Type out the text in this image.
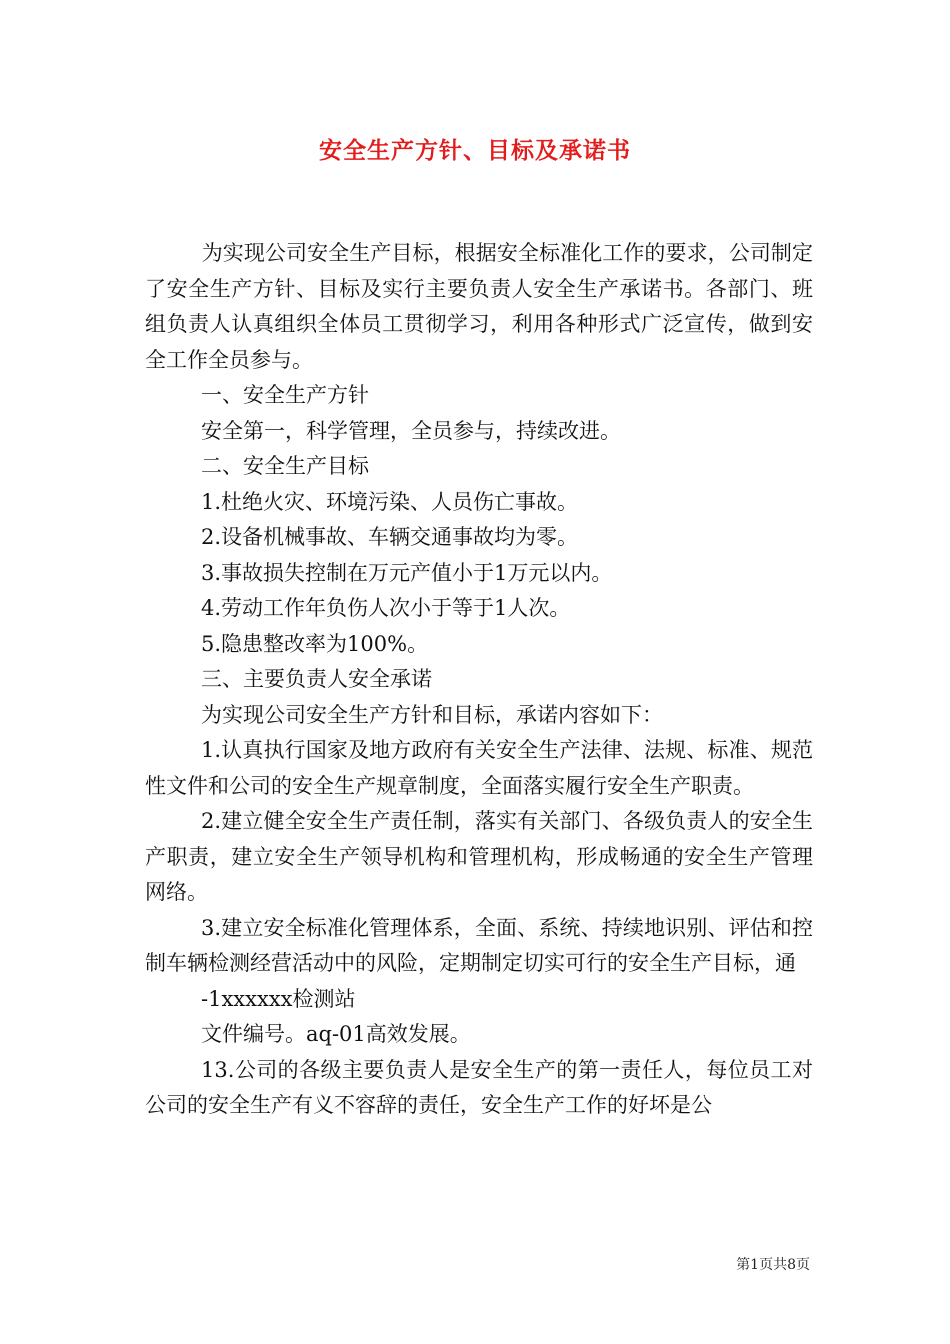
安全生产方针、目标及承诺书

为实现公司安全生产目标，根据安全标准化工作的要求，公司制定了安全生产方针、目标及实行主要负责人安全生产承诺书。各部门、班组负责人认真组织全体员工贯彻学习，利用各种形式广泛宣传，做到安全工作全员参与。

一、安全生产方针

安全第一，科学管理，全员参与，持续改进。

二、安全生产目标

1.杜绝火灾、环境污染、人员伤亡事故。

2.设备机械事故、车辆交通事故均为零。

3.事故损失控制在万元产值小于1万元以内。

4.劳动工作年负伤人次小于等于1人次。

5.隐患整改率为100%。

三、主要负责人安全承诺

为实现公司安全生产方针和目标，承诺内容如下：

1.认真执行国家及地方政府有关安全生产法律、法规、标准、规范性文件和公司的安全生产规章制度，全面落实履行安全生产职责。

2.建立健全安全生产责任制，落实有关部门、各级负责人的安全生产职责，建立安全生产领导机构和管理机构，形成畅通的安全生产管理网络。

3.建立安全标准化管理体系，全面、系统、持续地识别、评估和控制车辆检测经营活动中的风险，定期制定切实可行的安全生产目标，通

-1xxxxxx检测站

文件编号。aq-01高效发展。

13.公司的各级主要负责人是安全生产的第一责任人，每位员工对公司的安全生产有义不容辞的责任，安全生产工作的好坏是公

第1页共8页
